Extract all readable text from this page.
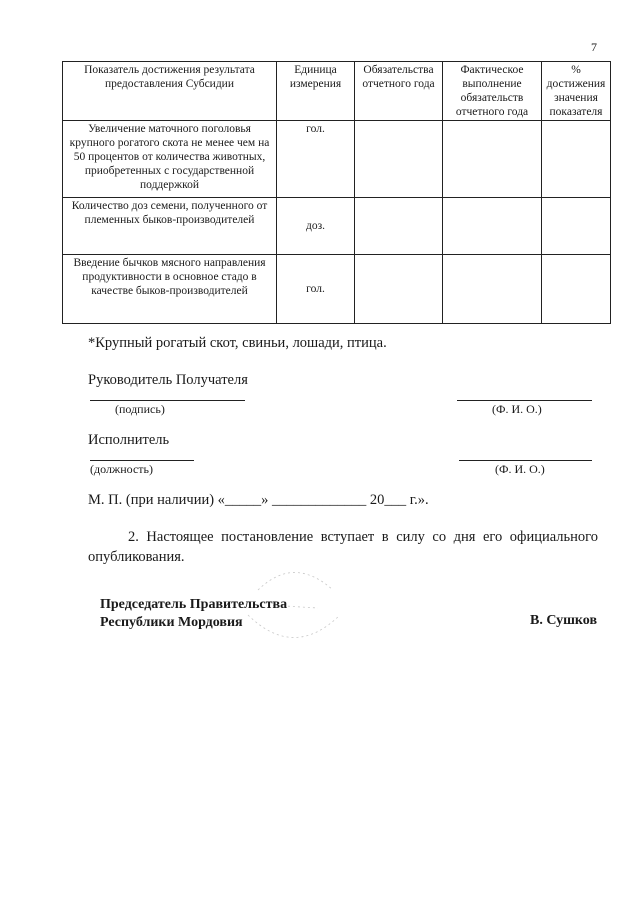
7
Показатель достижения результата предоставления Субсидии	Единица измерения	Обязательства отчетного года	Фактическое выполнение обязательств отчетного года	% достижения значения показателя
Увеличение маточного поголовья крупного рогатого скота не менее чем на 50 процентов от количества животных, приобретенных с государственной поддержкой	гол.			
Количество доз семени, полученного от племенных быков-производителей	доз.			
Введение бычков мясного направления продуктивности в основное стадо в качестве быков-производителей	гол.			
*Крупный рогатый скот, свиньи, лошади, птица.
Руководитель Получателя
(подпись)	(Ф. И. О.)
Исполнитель
(должность)	(Ф. И. О.)
М. П. (при наличии) «_____» _____________ 20___ г.».
2. Настоящее постановление вступает в силу со дня его официального опубликования.
Председатель Правительства
Республики Мордовия	В. Сушков
